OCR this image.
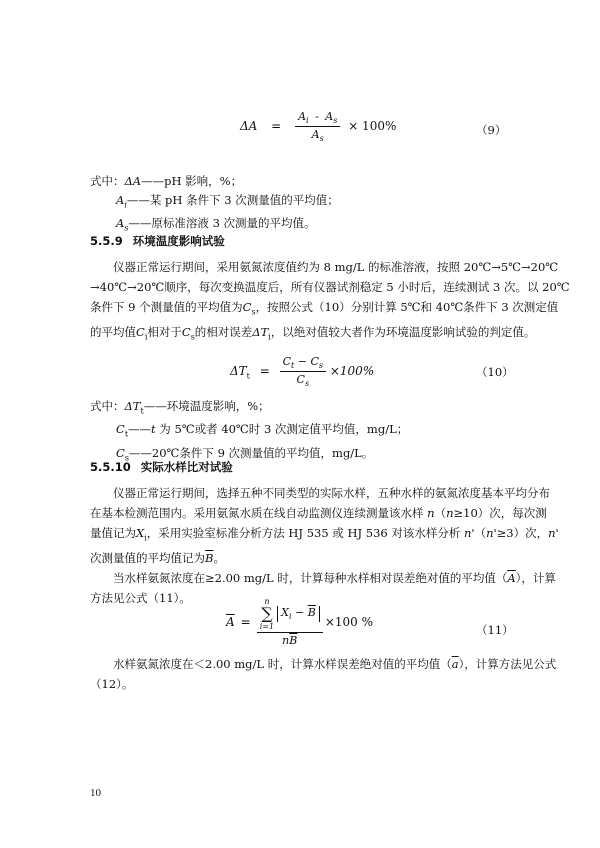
$\Delta A = \frac{A_i - A_s}{A_s} \times 100\%$	（9）
式中：ΔA——pH 影响，%；
$A_i——$某 pH 条件下 3 次测量值的平均值；
$A_s——$原标准溶液 3 次测量的平均值。
5.5.9 环境温度影响试验
仪器正常运行期间，采用氨氮浓度值约为 8 mg/L 的标准溶液，按照 20℃→5℃→20℃
→40℃→20℃顺序，每次变换温度后，所有仪器试剂稳定 5 小时后，连续测试 3 次。以 20℃
条件下 9 个测量值的平均值为$C_s$，按照公式（10）分别计算 5℃和 40℃条件下 3 次测定值
的平均值$C_i$相对于$C_s$的相对误差$\Delta T_i$，以绝对值较大者作为环境温度影响试验的判定值。
$\Delta T_t = \frac{C_t - C_s}{C_s} \times 100\%$	（10）
式中：$\Delta T_t——$环境温度影响，%；
$C_t——t$ 为 5℃或者 40℃时 3 次测定值平均值，mg/L；
$C_s——20℃$条件下 9 次测量值的平均值，mg/L。
5.5.10 实际水样比对试验
仪器正常运行期间，选择五种不同类型的实际水样，五种水样的氨氮浓度基本平均分布
在基本检测范围内。采用氨氮水质在线自动监测仪连续测量该水样 n（n≥10）次，每次测
量值记为$X_i$，采用实验室标准分析方法 HJ 535 或 HJ 536 对该水样分析 n'（n'≥3）次，n'
次测量值的平均值记为$\overline{B}$。
当水样氨氮浓度在≥2.00 mg/L 时，计算每种水样相对误差绝对值的平均值$(\overline{A})$，计算
方法见公式（11）。
$\overline{A}$ =
n
∑
i=1
$X_i - \overline{B}$
$n\overline{B}$
×100 %
（11）
水样氨氮浓度在＜2.00 mg/L 时，计算水样误差绝对值的平均值$(\overline{a})$，计算方法见公式
（12）。
10
